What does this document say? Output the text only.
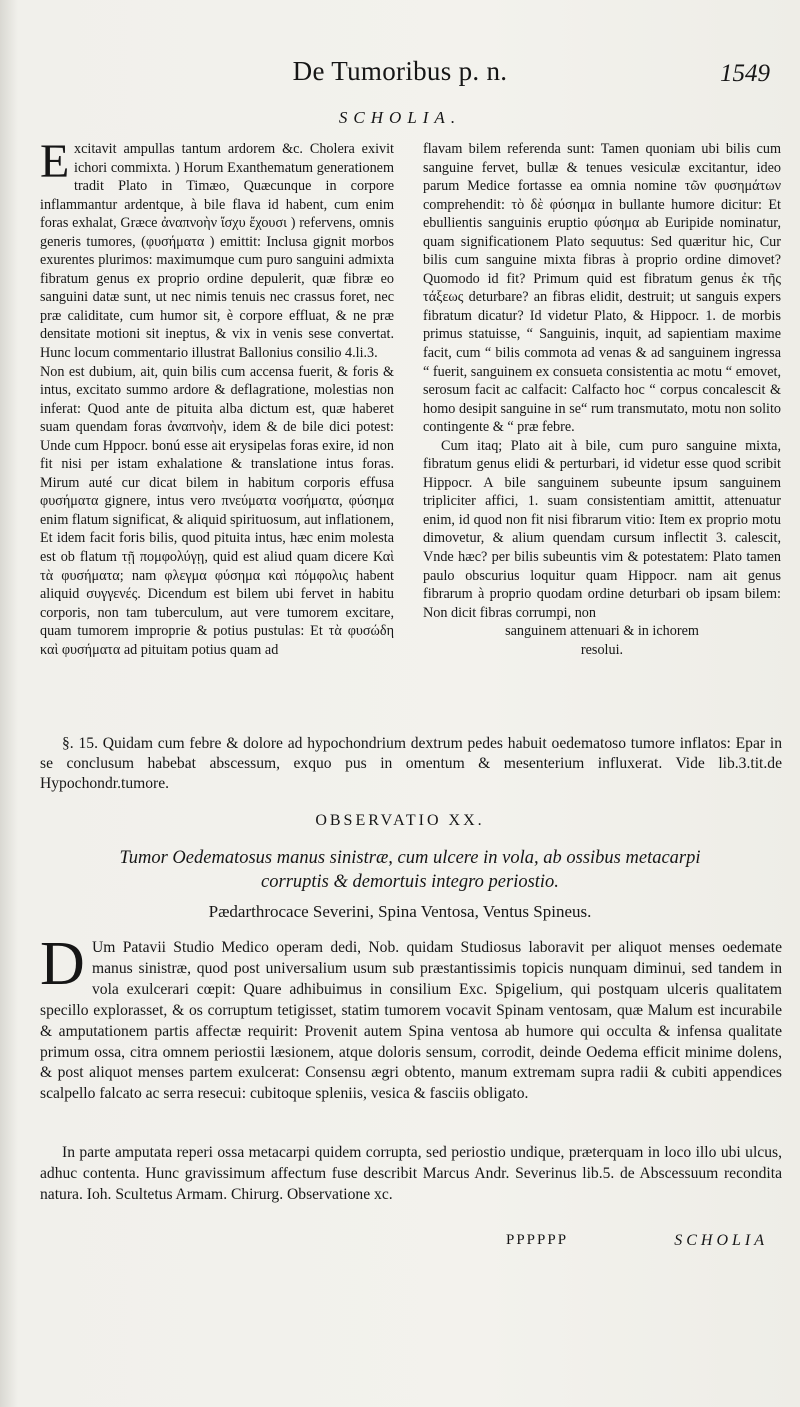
De Tumoribus p. n.	1549
SCHOLIA.

Excitavit ampullas tantum ardorem &c. Cholera exivit ichori commixta. ) Horum Exanthematum generationem tradit Plato in Timæo, Quæcunque in corpore inflammantur ardentque, à bile flava id habent, cum enim foras exhalat, Græce ἀναπνοὴν ἴσχυ ἔχουσι ) refervens, omnis generis tumores, (φυσήματα ) emittit: Inclusa gignit morbos exurentes plurimos: maximumque cum puro sanguini admixta fibratum genus ex proprio ordine depulerit, quæ fibræ eo sanguini datæ sunt, ut nec nimis tenuis nec crassus foret, nec præ caliditate, cum humor sit, è corpore effluat, & ne præ densitate motioni sit ineptus, & vix in venis sese convertat. Hunc locum commentario illustrat Ballonius consilio 4.li.3.

Non est dubium, ait, quin bilis cum accensa fuerit, & foris & intus, excitato summo ardore & deflagratione, molestias non inferat: Quod ante de pituita alba dictum est, quæ haberet suam quendam foras ἀναπνοὴν, idem & de bile dici potest: Unde cum Hppocr. bonú esse ait erysipelas foras exire, id non fit nisi per istam exhalatione & translatione intus foras. Mirum auté cur dicat bilem in habitum corporis effusa φυσήματα gignere, intus vero πνεύματα νοσήματα, φύσημα enim flatum significat, & aliquid spirituosum, aut inflationem, Et idem facit foris bilis, quod pituita intus, hæc enim molesta est ob flatum τῇ πομφολύγῃ, quid est aliud quam dicere Καὶ τὰ φυσήματα; nam φλεγμα φύσημα καὶ πόμφολις habent aliquid συγγενές. Dicendum est bilem ubi fervet in habitu corporis, non tam tuberculum, aut vere tumorem excitare, quam tumorem improprie & potius pustulas: Et τὰ φυσώδη καὶ φυσήματα ad pituitam potius quam ad

flavam bilem referenda sunt: Tamen quoniam ubi bilis cum sanguine fervet, bullæ & tenues vesiculæ excitantur, ideo parum Medice fortasse ea omnia nomine τῶν φυσημάτων comprehendit: τὸ δὲ φύσημα in bullante humore dicitur: Et ebullientis sanguinis eruptio φύσημα ab Euripide nominatur, quam significationem Plato sequutus: Sed quæritur hic, Cur bilis cum sanguine mixta fibras à proprio ordine dimovet? Quomodo id fit? Primum quid est fibratum genus ἐκ τῆς τάξεως deturbare? an fibras elidit, destruit; ut sanguis expers fibratum dicatur? Id videtur Plato, & Hippocr. 1. de morbis primus statuisse, “ Sanguinis, inquit, ad sapientiam maxime facit, cum “ bilis commota ad venas & ad sanguinem ingressa “ fuerit, sanguinem ex consueta consistentia ac motu “ emovet, serosum facit ac calfacit: Calfacto hoc “ corpus concalescit & homo desipit sanguine in se“ rum transmutato, motu non solito contingente & “ præ febre.

Cum itaq; Plato ait à bile, cum puro sanguine mixta, fibratum genus elidi & perturbari, id videtur esse quod scribit Hippocr. A bile sanguinem subeunte ipsum sanguinem tripliciter affici, 1. suam consistentiam amittit, attenuatur enim, id quod non fit nisi fibrarum vitio: Item ex proprio motu dimovetur, & alium quendam cursum inflectit 3. calescit, Vnde hæc? per bilis subeuntis vim & potestatem: Plato tamen paulo obscurius loquitur quam Hippocr. nam ait genus fibrarum à proprio quodam ordine deturbari ob ipsam bilem: Non dicit fibras corrumpi, non

sanguinem attenuari & in ichorem

resolui.

§. 15. Quidam cum febre & dolore ad hypochondrium dextrum pedes habuit oedematoso tumore inflatos: Epar in se conclusum habebat abscessum, exquo pus in omentum & mesenterium influxerat. Vide lib.3.tit.de Hypochondr.tumore.
OBSERVATIO XX.
Tumor Oedematosus manus sinistræ, cum ulcere in vola, ab ossibus metacarpi
corruptis & demortuis integro periostio.
Pædarthrocace Severini, Spina Ventosa, Ventus Spineus.
D Um Patavii Studio Medico operam dedi, Nob. quidam Studiosus laboravit per aliquot menses oedemate manus sinistræ, quod post universalium usum sub præstantissimis topicis nunquam diminui, sed tandem in vola exulcerari cœpit: Quare adhibuimus in consilium Exc. Spigelium, qui postquam ulceris qualitatem specillo explorasset, & os corruptum tetigisset, statim tumorem vocavit Spinam ventosam, quæ Malum est incurabile & amputationem partis affectæ requirit: Provenit autem Spina ventosa ab humore qui occulta & infensa qualitate primum ossa, citra omnem periostii læsionem, atque doloris sensum, corrodit, deinde Oedema efficit minime dolens, & post aliquot menses partem exulcerat: Consensu ægri obtento, manum extremam supra radii & cubiti appendices scalpello falcato ac serra resecui: cubitoque spleniis, vesica & fasciis obligato.

In parte amputata reperi ossa metacarpi quidem corrupta, sed periostio undique, præterquam in loco illo ubi ulcus, adhuc contenta. Hunc gravissimum affectum fuse describit Marcus Andr. Severinus lib.5. de Abscessuum recondita natura. Ioh. Scultetus Armam. Chirurg. Observatione xc.

PPPPPP	SCHOLIA
